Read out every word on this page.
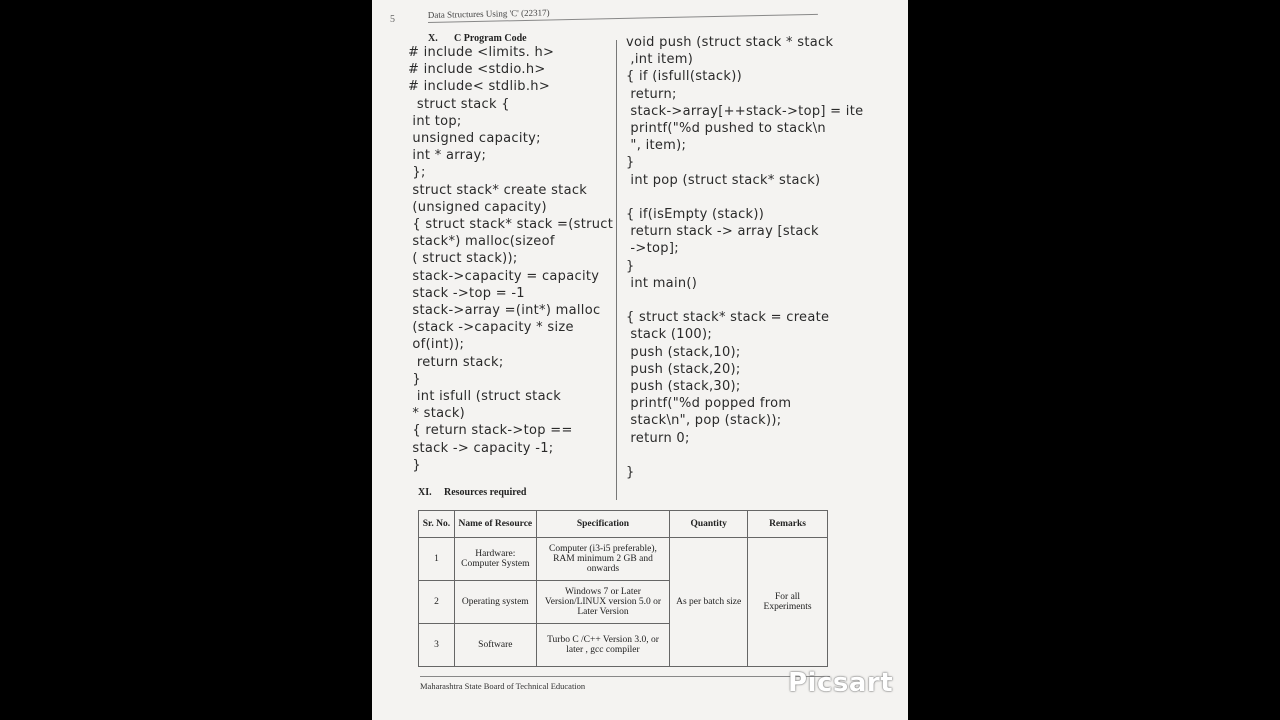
5	Data Structures Using 'C' (22317)
X. C Program Code
# include <limits. h>
# include <stdio.h>
# include< stdlib.h>
struct stack {
int top;
unsigned capacity;
int * array;
};
struct stack* create stack
(unsigned capacity)
{ struct stack* stack =(struct
stack*) malloc(sizeof
( struct stack));
stack->capacity = capacity
stack ->top = -1
stack->array =(int*) malloc
(stack ->capacity * size
of(int));
return stack;
}
int isfull (struct stack
* stack)
{ return stack->top ==
stack -> capacity -1;
}
void push (struct stack * stack
,int item)
{ if (isfull(stack))
return;
stack->array[++stack->top] = ite
printf("%d pushed to stack\n
", item);
}
int pop (struct stack* stack)

{ if(isEmpty (stack))
return stack -> array [stack
->top];
}
int main()

{ struct stack* stack = create
stack (100);
push (stack,10);
push (stack,20);
push (stack,30);
printf("%d popped from
stack\n", pop (stack));
return 0;

}
XI. Resources required
Sr. No.	Name of Resource	Specification	Quantity	Remarks
1	Hardware: Computer System	Computer (i3-i5 preferable), RAM minimum 2 GB and onwards	As per batch size	For all Experiments
2	Operating system	Windows 7 or Later Version/LINUX version 5.0 or Later Version		
3	Software	Turbo C /C++ Version 3.0, or later , gcc compiler		
Maharashtra State Board of Technical Education	Picsart
